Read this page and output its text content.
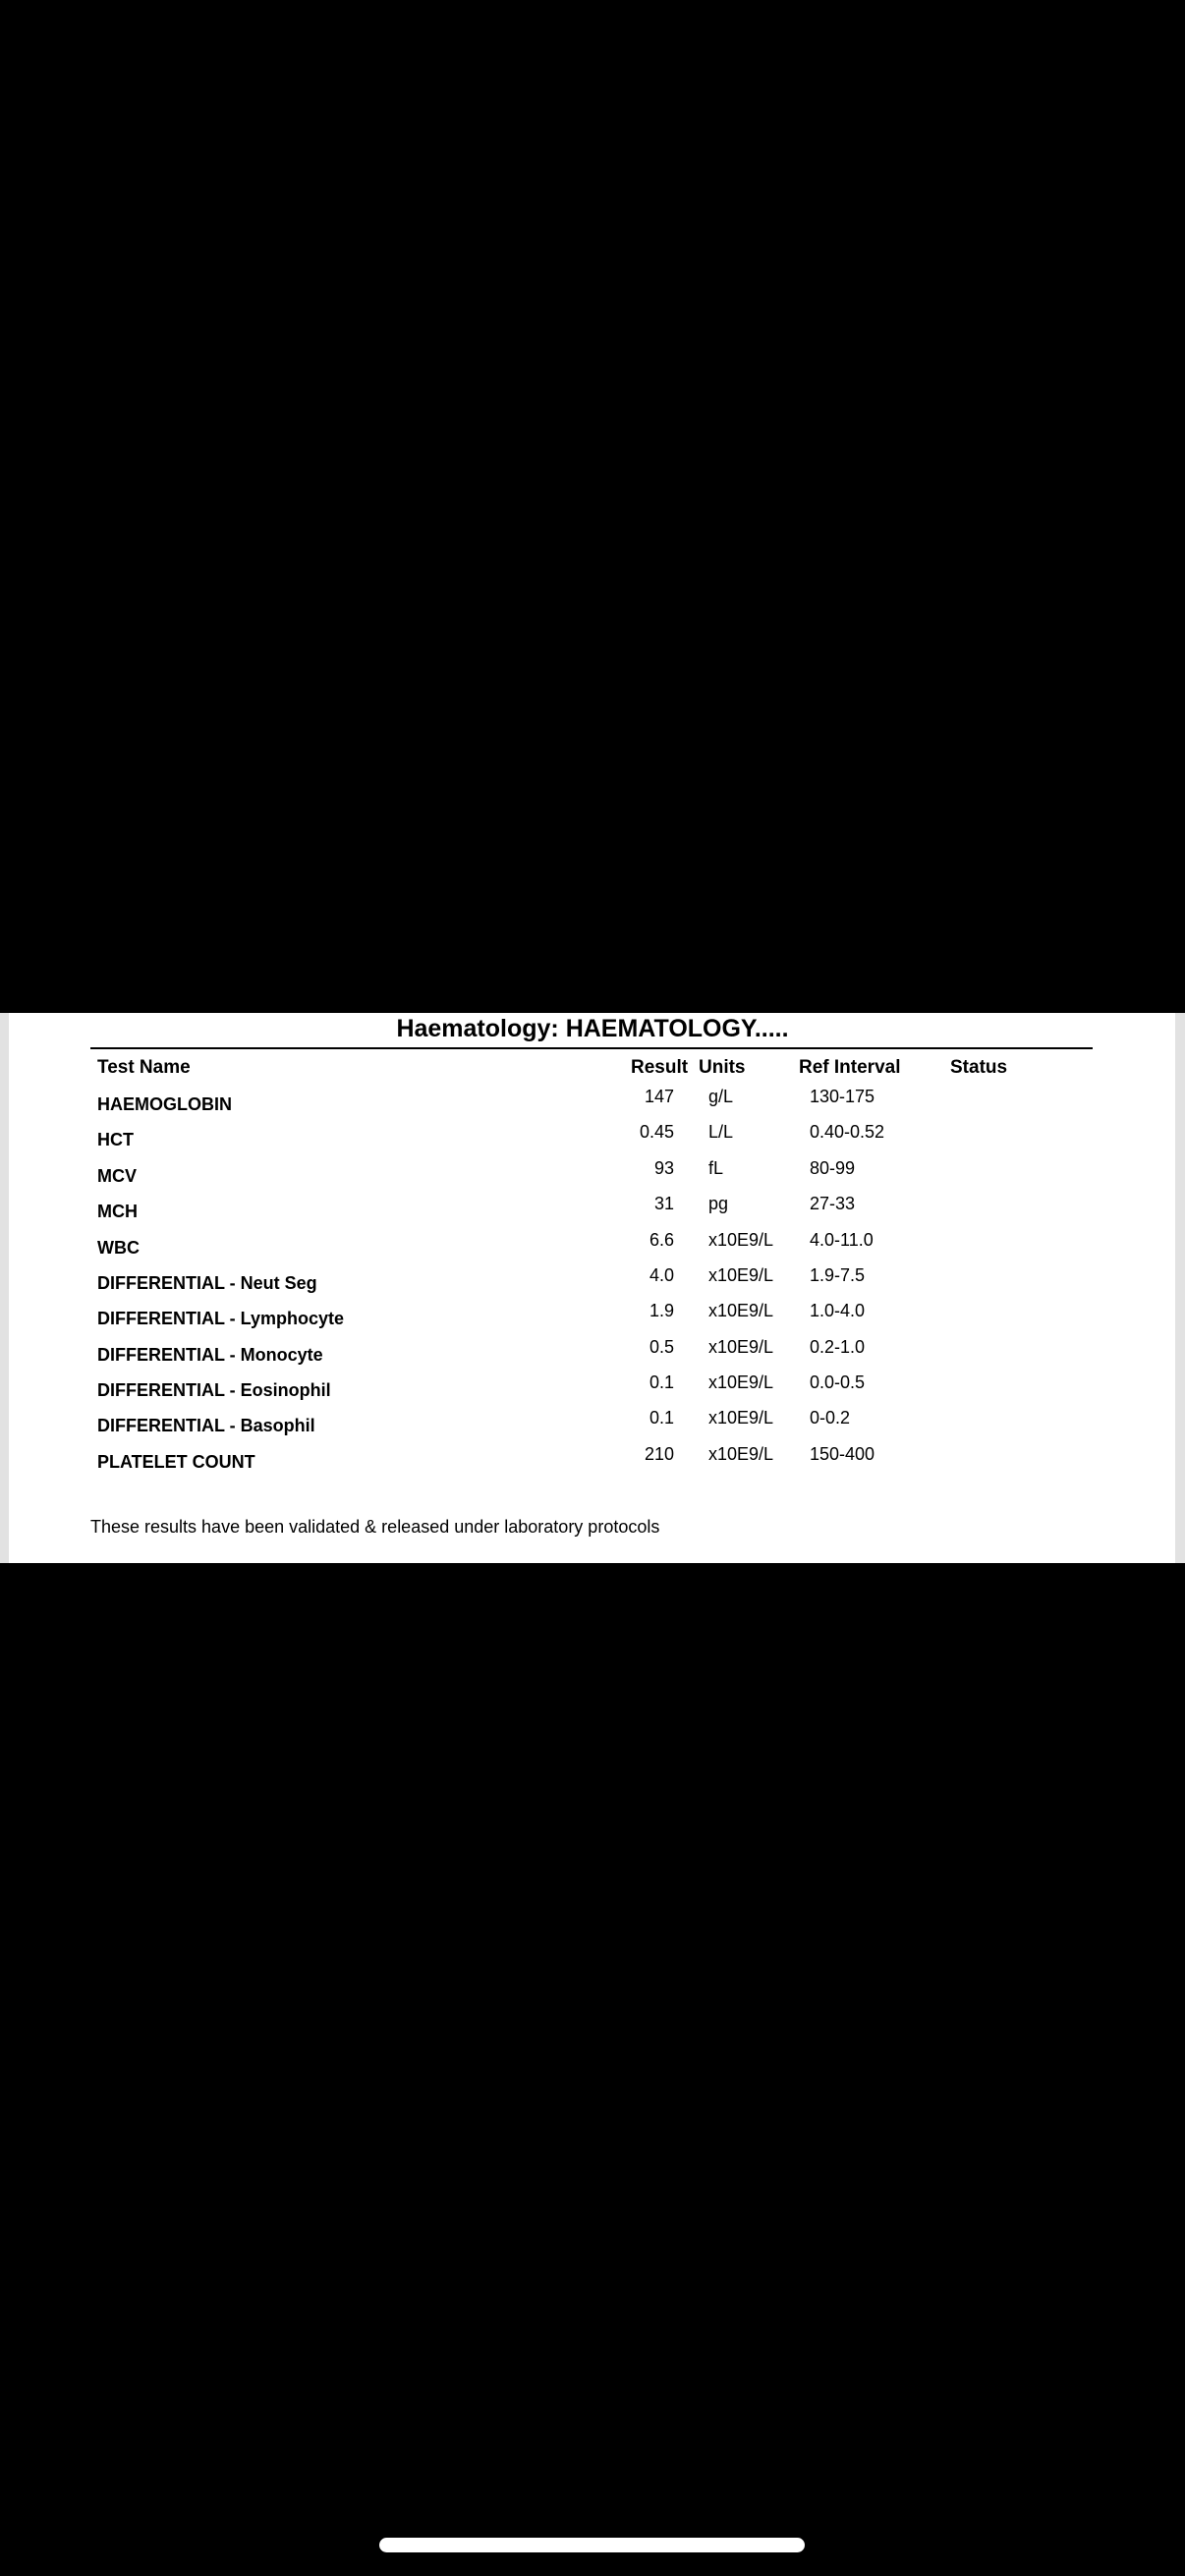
Haematology: HAEMATOLOGY.....
Test Name	Result Units	Ref Interval	Status
HAEMOGLOBIN	147 g/L	130-175
HCT	0.45 L/L	0.40-0.52
MCV	93 fL	80-99
MCH	31 pg	27-33
WBC	6.6 x10E9/L 4.0-11.0
DIFFERENTIAL - Neut Seg	4.0 x10E9/L 1.9-7.5
DIFFERENTIAL - Lymphocyte	1.9 x10E9/L 1.0-4.0
DIFFERENTIAL - Monocyte	0.5 x10E9/L 0.2-1.0
DIFFERENTIAL - Eosinophil	0.1 x10E9/L 0.0-0.5
DIFFERENTIAL - Basophil	0.1 x10E9/L 0-0.2
PLATELET COUNT	210 x10E9/L 150-400

These results have been validated & released under laboratory protocols
